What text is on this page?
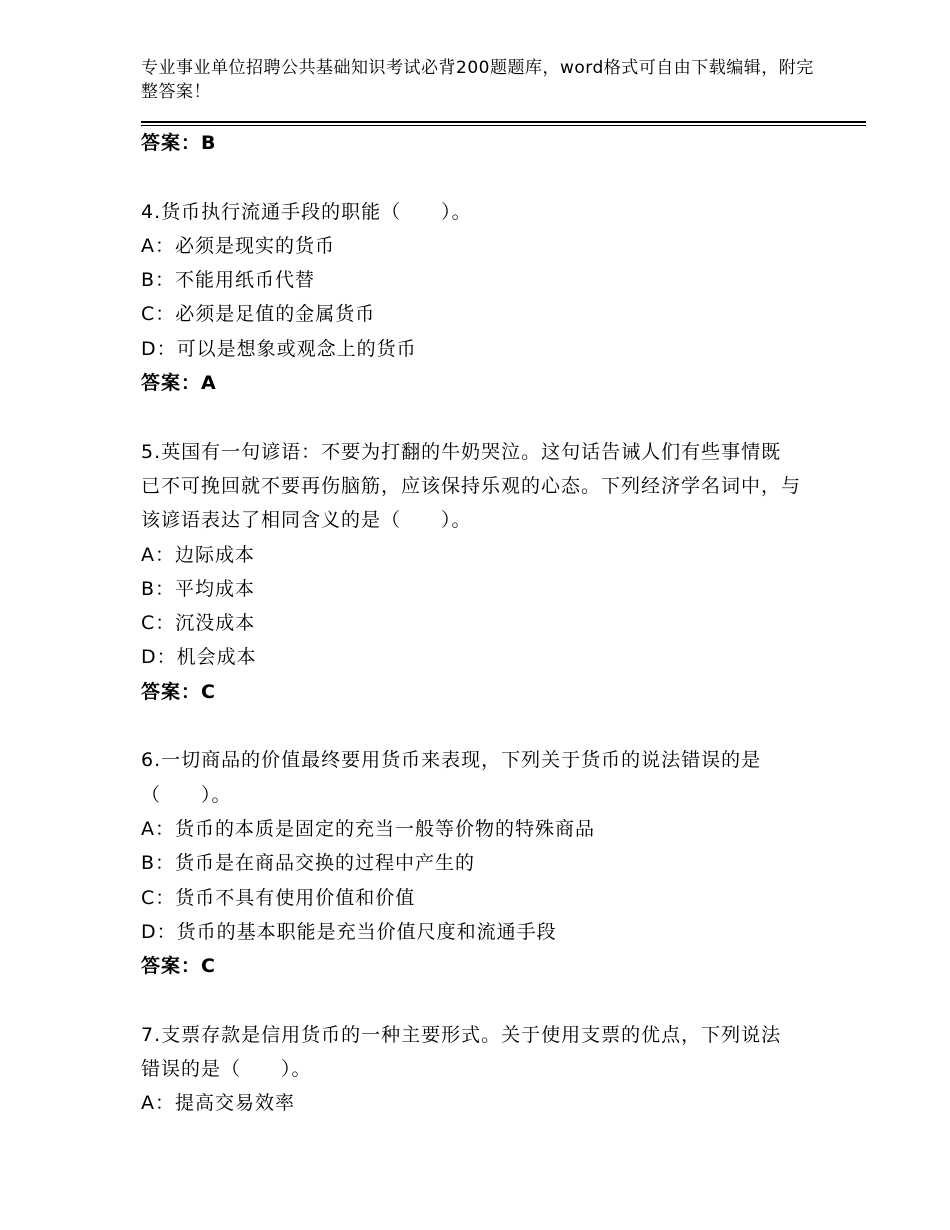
专业事业单位招聘公共基础知识考试必背200题题库，word格式可自由下载编辑，附完整答案！

答案：B

4.货币执行流通手段的职能（　　）。

A：必须是现实的货币

B：不能用纸币代替

C：必须是足值的金属货币

D：可以是想象或观念上的货币

答案：A

5.英国有一句谚语：不要为打翻的牛奶哭泣。这句话告诫人们有些事情既已不可挽回就不要再伤脑筋，应该保持乐观的心态。下列经济学名词中，与该谚语表达了相同含义的是（　　）。

A：边际成本

B：平均成本

C：沉没成本

D：机会成本

答案：C

6.一切商品的价值最终要用货币来表现，下列关于货币的说法错误的是（　　）。

A：货币的本质是固定的充当一般等价物的特殊商品

B：货币是在商品交换的过程中产生的

C：货币不具有使用价值和价值

D：货币的基本职能是充当价值尺度和流通手段

答案：C

7.支票存款是信用货币的一种主要形式。关于使用支票的优点，下列说法错误的是（　　）。

A：提高交易效率
